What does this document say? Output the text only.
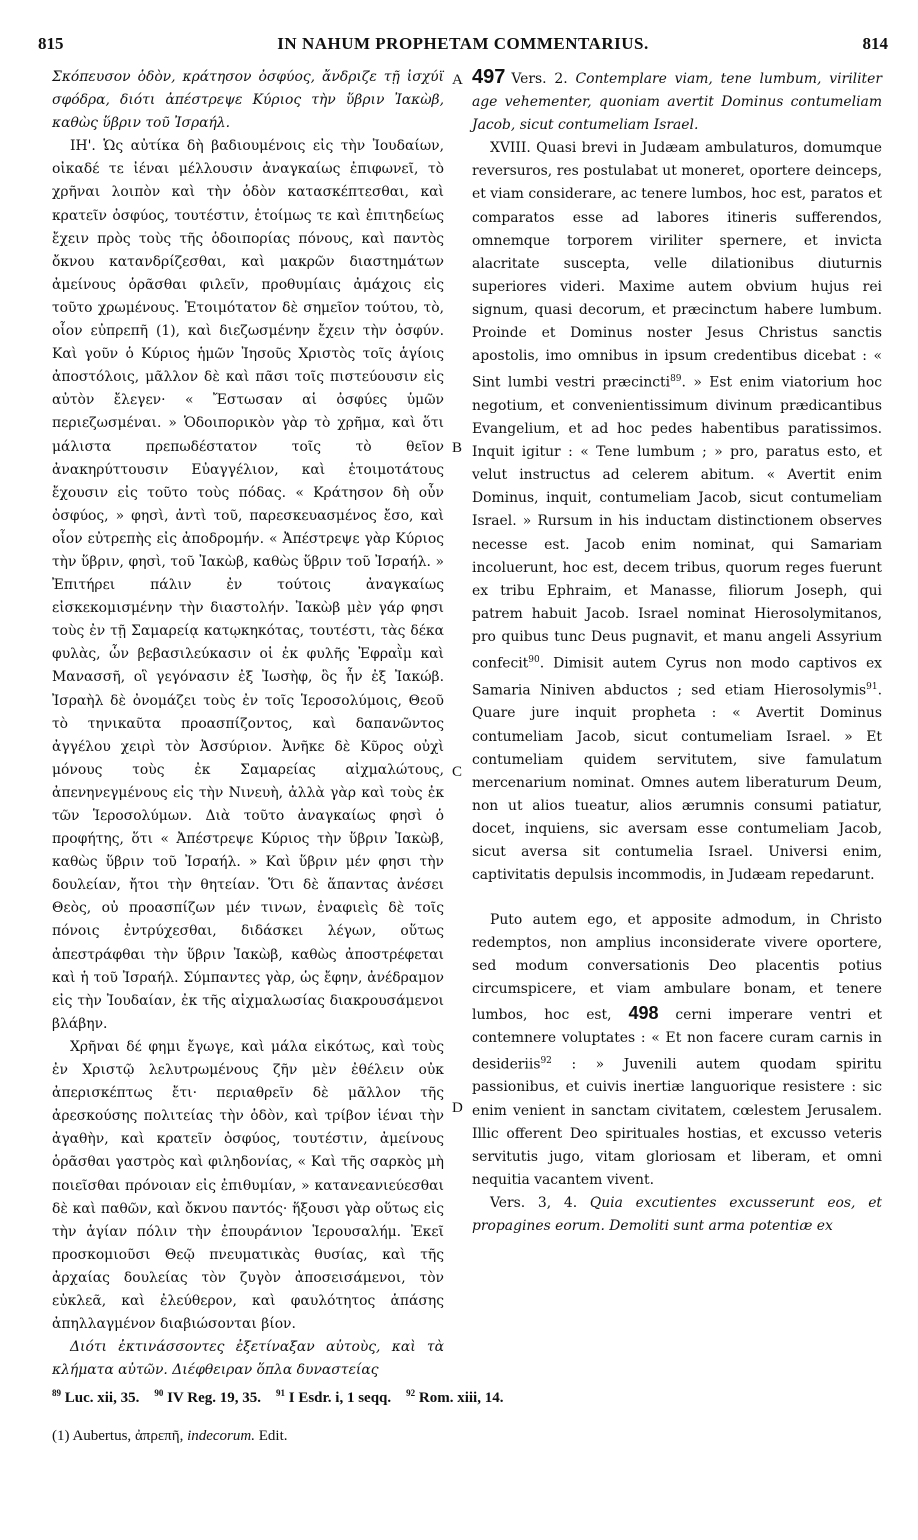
815	IN NAHUM PROPHETAM COMMENTARIUS.	814
A
B
C
D

Σκόπευσον ὁδὸν, κράτησον ὀσφύος, ἄνδριζε τῇ ἰσχύϊ σφόδρα, διότι ἀπέστρεψε Κύριος τὴν ὕβριν Ἰακὼβ, καθὼς ὕβριν τοῦ Ἰσραήλ.

ΙΗ'. Ὡς αὐτίκα δὴ βαδιουμένοις εἰς τὴν Ἰουδαίων, οἰκαδέ τε ἰέναι μέλλουσιν ἀναγκαίως ἐπιφωνεῖ, τὸ χρῆναι λοιπὸν καὶ τὴν ὁδὸν κατασκέπτεσθαι, καὶ κρατεῖν ὀσφύος, τουτέστιν, ἑτοίμως τε καὶ ἐπιτηδείως ἔχειν πρὸς τοὺς τῆς ὁδοιπορίας πόνους, καὶ παντὸς ὄκνου κατανδρίζεσθαι, καὶ μακρῶν διαστημάτων ἀμείνους ὁρᾶσθαι φιλεῖν, προθυμίαις ἀμάχοις εἰς τοῦτο χρωμένους. Ἑτοιμότατον δὲ σημεῖον τούτου, τὸ, οἷον εὐπρεπῆ (1), καὶ διεζωσμένην ἔχειν τὴν ὀσφύν. Καὶ γοῦν ὁ Κύριος ἡμῶν Ἰησοῦς Χριστὸς τοῖς ἁγίοις ἀποστόλοις, μᾶλλον δὲ καὶ πᾶσι τοῖς πιστεύουσιν εἰς αὐτὸν ἔλεγεν· « Ἔστωσαν αἱ ὀσφύες ὑμῶν περιεζωσμέναι. » Ὁδοιπορικὸν γὰρ τὸ χρῆμα, καὶ ὅτι μάλιστα πρεπωδέστατον τοῖς τὸ θεῖον ἀνακηρύττουσιν Εὐαγγέλιον, καὶ ἑτοιμοτάτους ἔχουσιν εἰς τοῦτο τοὺς πόδας. « Κράτησον δὴ οὖν ὀσφύος, » φησὶ, ἀντὶ τοῦ, παρεσκευασμένος ἔσο, καὶ οἷον εὐτρεπὴς εἰς ἀποδρομήν. « Ἀπέστρεψε γὰρ Κύριος τὴν ὕβριν, φησὶ, τοῦ Ἰακὼβ, καθὼς ὕβριν τοῦ Ἰσραήλ. » Ἐπιτήρει πάλιν ἐν τούτοις ἀναγκαίως εἰσκεκομισμένην τὴν διαστολήν. Ἰακὼβ μὲν γάρ φησι τοὺς ἐν τῇ Σαμαρείᾳ κατῳκηκότας, τουτέστι, τὰς δέκα φυλὰς, ὧν βεβασιλεύκασιν οἱ ἐκ φυλῆς Ἐφραῒμ καὶ Μανασσῆ, οἳ γεγόνασιν ἐξ Ἰωσὴφ, ὃς ἦν ἐξ Ἰακώβ. Ἰσραὴλ δὲ ὀνομάζει τοὺς ἐν τοῖς Ἱεροσολύμοις, Θεοῦ τὸ τηνικαῦτα προασπίζοντος, καὶ δαπανῶντος ἀγγέλου χειρὶ τὸν Ἀσσύριον. Ἀνῆκε δὲ Κῦρος οὐχὶ μόνους τοὺς ἐκ Σαμαρείας αἰχμαλώτους, ἀπενηνεγμένους εἰς τὴν Νινευὴ, ἀλλὰ γὰρ καὶ τοὺς ἐκ τῶν Ἱεροσολύμων. Διὰ τοῦτο ἀναγκαίως φησὶ ὁ προφήτης, ὅτι « Ἀπέστρεψε Κύριος τὴν ὕβριν Ἰακὼβ, καθὼς ὕβριν τοῦ Ἰσραήλ. » Καὶ ὕβριν μέν φησι τὴν δουλείαν, ἤτοι τὴν θητείαν. Ὅτι δὲ ἅπαντας ἀνέσει Θεὸς, οὐ προασπίζων μέν τινων, ἐναφιεὶς δὲ τοῖς πόνοις ἐντρύχεσθαι, διδάσκει λέγων, οὕτως ἀπεστράφθαι τὴν ὕβριν Ἰακὼβ, καθὼς ἀποστρέφεται καὶ ἡ τοῦ Ἰσραήλ. Σύμπαντες γὰρ, ὡς ἔφην, ἀνέδραμον εἰς τὴν Ἰουδαίαν, ἐκ τῆς αἰχμαλωσίας διακρουσάμενοι βλάβην.

Χρῆναι δέ φημι ἔγωγε, καὶ μάλα εἰκότως, καὶ τοὺς ἐν Χριστῷ λελυτρωμένους ζῆν μὲν ἐθέλειν οὐκ ἀπερισκέπτως ἔτι· περιαθρεῖν δὲ μᾶλλον τῆς ἀρεσκούσης πολιτείας τὴν ὁδὸν, καὶ τρίβον ἰέναι τὴν ἀγαθὴν, καὶ κρατεῖν ὀσφύος, τουτέστιν, ἀμείνους ὁρᾶσθαι γαστρὸς καὶ φιληδονίας, « Καὶ τῆς σαρκὸς μὴ ποιεῖσθαι πρόνοιαν εἰς ἐπιθυμίαν, » κατανεανιεύεσθαι δὲ καὶ παθῶν, καὶ ὄκνου παντός· ἥξουσι γὰρ οὕτως εἰς τὴν ἁγίαν πόλιν τὴν ἐπουράνιον Ἱερουσαλήμ. Ἐκεῖ προσκομιοῦσι Θεῷ πνευματικὰς θυσίας, καὶ τῆς ἀρχαίας δουλείας τὸν ζυγὸν ἀποσεισάμενοι, τὸν εὐκλεᾶ, καὶ ἐλεύθερον, καὶ φαυλότητος ἁπάσης ἀπηλλαγμένον διαβιώσονται βίον.

Διότι ἐκτινάσσοντες ἐξετίναξαν αὐτοὺς, καὶ τὰ κλήματα αὐτῶν. Διέφθειραν ὅπλα δυναστείας

497 Vers. 2. Contemplare viam, tene lumbum, viriliter age vehementer, quoniam avertit Dominus contumeliam Jacob, sicut contumeliam Israel.

XVIII. Quasi brevi in Judæam ambulaturos, domumque reversuros, res postulabat ut moneret, oportere deinceps, et viam considerare, ac tenere lumbos, hoc est, paratos et comparatos esse ad labores itineris sufferendos, omnemque torporem viriliter spernere, et invicta alacritate suscepta, velle dilationibus diuturnis superiores videri. Maxime autem obvium hujus rei signum, quasi decorum, et præcinctum habere lumbum. Proinde et Dominus noster Jesus Christus sanctis apostolis, imo omnibus in ipsum credentibus dicebat : « Sint lumbi vestri præcincti$^{89}$. » Est enim viatorium hoc negotium, et convenientissimum divinum prædicantibus Evangelium, et ad hoc pedes habentibus paratissimos. Inquit igitur : « Tene lumbum ; » pro, paratus esto, et velut instructus ad celerem abitum. « Avertit enim Dominus, inquit, contumeliam Jacob, sicut contumeliam Israel. » Rursum in his inductam distinctionem observes necesse est. Jacob enim nominat, qui Samariam incoluerunt, hoc est, decem tribus, quorum reges fuerunt ex tribu Ephraim, et Manasse, filiorum Joseph, qui patrem habuit Jacob. Israel nominat Hierosolymitanos, pro quibus tunc Deus pugnavit, et manu angeli Assyrium confecit$^{90}$. Dimisit autem Cyrus non modo captivos ex Samaria Niniven abductos ; sed etiam Hierosolymis$^{91}$. Quare jure inquit propheta : « Avertit Dominus contumeliam Jacob, sicut contumeliam Israel. » Et contumeliam quidem servitutem, sive famulatum mercenarium nominat. Omnes autem liberaturum Deum, non ut alios tueatur, alios ærumnis consumi patiatur, docet, inquiens, sic aversam esse contumeliam Jacob, sicut aversa sit contumelia Israel. Universi enim, captivitatis depulsis incommodis, in Judæam repedarunt.

Puto autem ego, et apposite admodum, in Christo redemptos, non amplius inconsiderate vivere oportere, sed modum conversationis Deo placentis potius circumspicere, et viam ambulare bonam, et tenere lumbos, hoc est, 498 cerni imperare ventri et contemnere voluptates : « Et non facere curam carnis in desideriis$^{92}$ : » Juvenili autem quodam spiritu passionibus, et cuivis inertiæ languorique resistere : sic enim venient in sanctam civitatem, cœlestem Jerusalem. Illic offerent Deo spirituales hostias, et excusso veteris servitutis jugo, vitam gloriosam et liberam, et omni nequitia vacantem vivent.

Vers. 3, 4. Quia excutientes excusserunt eos, et propagines eorum. Demoliti sunt arma potentiæ ex

$^{89}$ Luc. xii, 35. $^{90}$ IV Reg. 19, 35. $^{91}$ I Esdr. i, 1 seqq. $^{92}$ Rom. xiii, 14.
(1) Aubertus, ἀπρεπῆ, indecorum. Edit.
